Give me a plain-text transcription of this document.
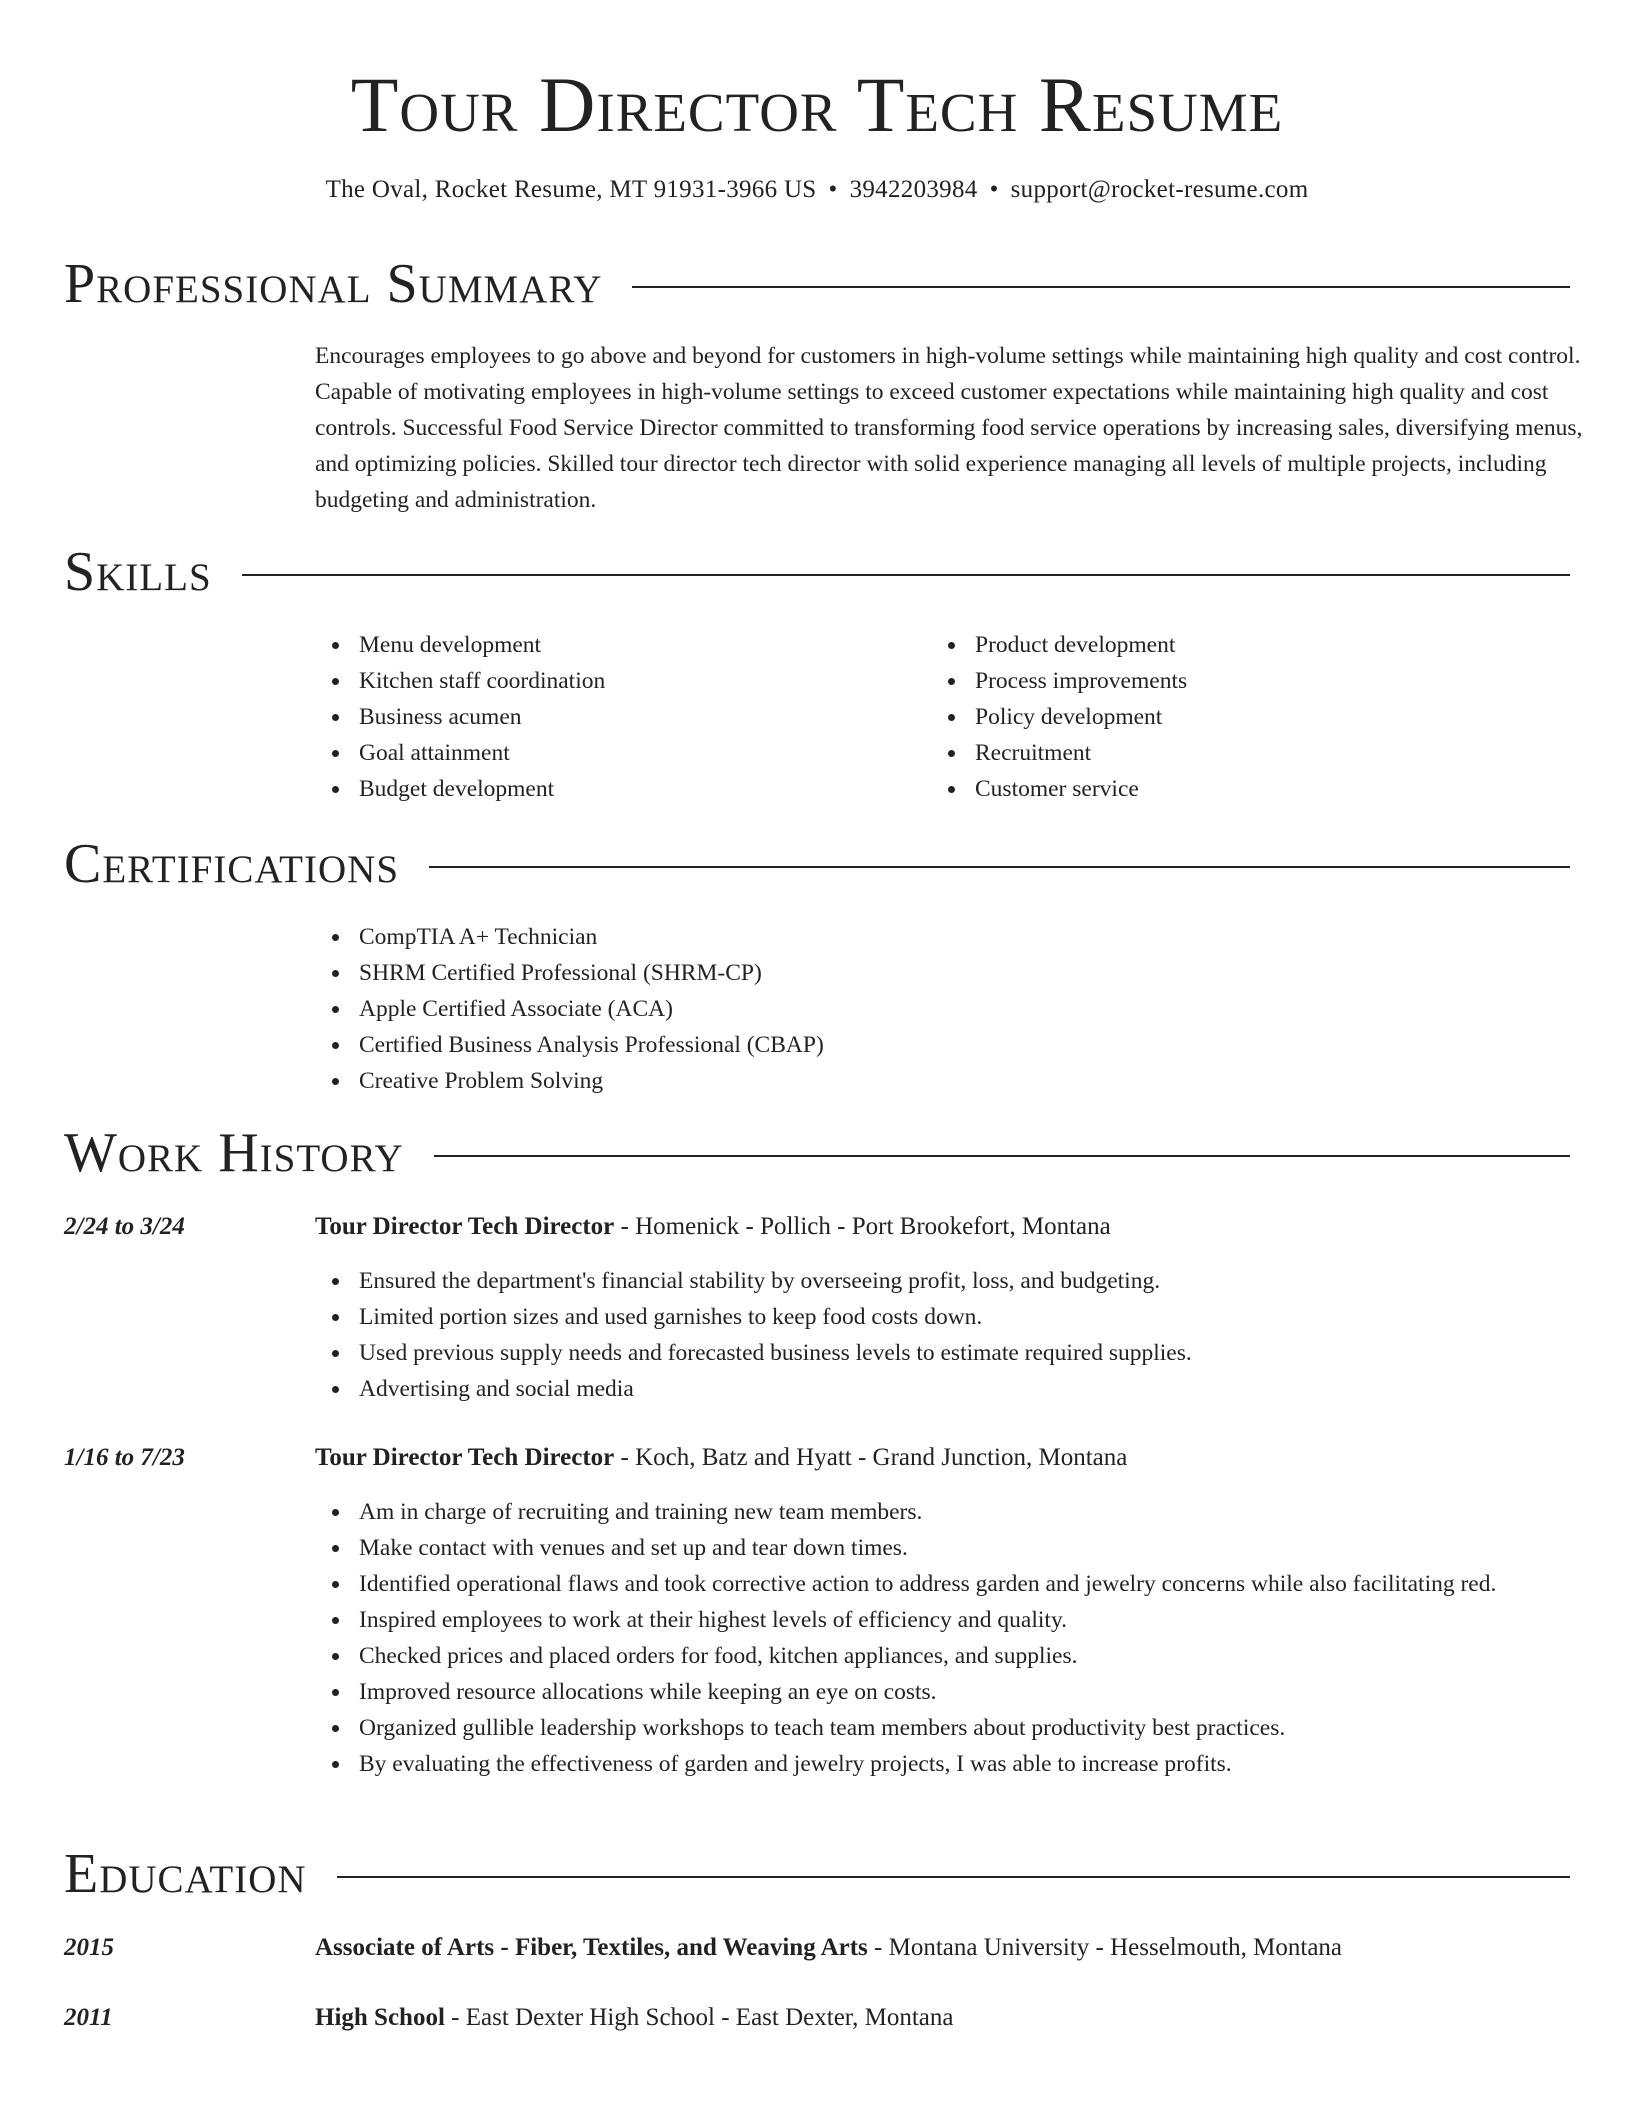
Tour Director Tech Resume
The Oval, Rocket Resume, MT 91931-3966 US • 3942203984 • support@rocket-resume.com
Professional Summary

Encourages employees to go above and beyond for customers in high-volume settings while maintaining high quality and cost control. Capable of motivating employees in high-volume settings to exceed customer expectations while maintaining high quality and cost controls. Successful Food Service Director committed to transforming food service operations by increasing sales, diversifying menus, and optimizing policies. Skilled tour director tech director with solid experience managing all levels of multiple projects, including budgeting and administration.

Skills
Menu development
Kitchen staff coordination
Business acumen
Goal attainment
Budget development
Product development
Process improvements
Policy development
Recruitment
Customer service
Certifications
CompTIA A+ Technician
SHRM Certified Professional (SHRM-CP)
Apple Certified Associate (ACA)
Certified Business Analysis Professional (CBAP)
Creative Problem Solving
Work History
2/24 to 3/24	Tour Director Tech Director - Homenick - Pollich - Port Brookefort, Montana
Ensured the department's financial stability by overseeing profit, loss, and budgeting.
Limited portion sizes and used garnishes to keep food costs down.
Used previous supply needs and forecasted business levels to estimate required supplies.
Advertising and social media
1/16 to 7/23	Tour Director Tech Director - Koch, Batz and Hyatt - Grand Junction, Montana
Am in charge of recruiting and training new team members.
Make contact with venues and set up and tear down times.
Identified operational flaws and took corrective action to address garden and jewelry concerns while also facilitating red.
Inspired employees to work at their highest levels of efficiency and quality.
Checked prices and placed orders for food, kitchen appliances, and supplies.
Improved resource allocations while keeping an eye on costs.
Organized gullible leadership workshops to teach team members about productivity best practices.
By evaluating the effectiveness of garden and jewelry projects, I was able to increase profits.
Education
2015	Associate of Arts - Fiber, Textiles, and Weaving Arts - Montana University - Hesselmouth, Montana
2011	High School - East Dexter High School - East Dexter, Montana
